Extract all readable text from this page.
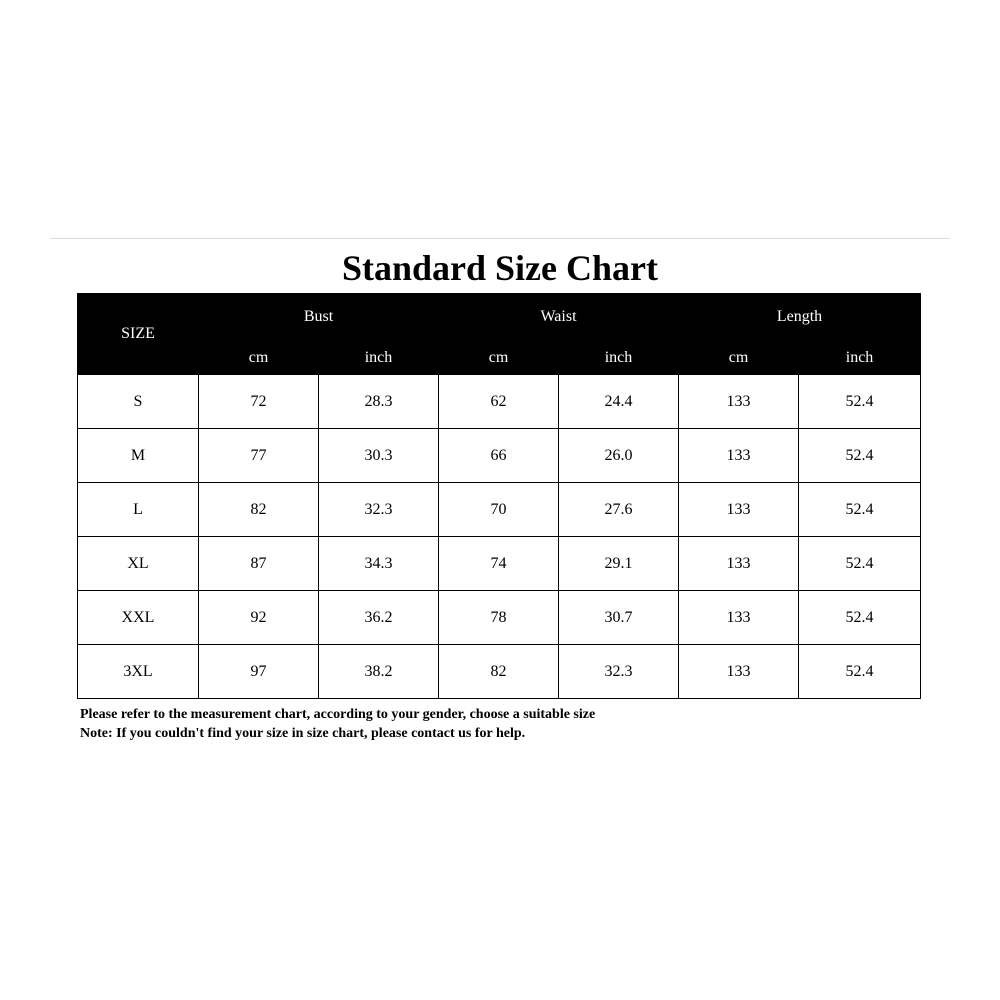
Standard Size Chart
SIZE	Bust		Waist		Length	
	cm	inch	cm	inch	cm	inch
S	72	28.3	62	24.4	133	52.4
M	77	30.3	66	26.0	133	52.4
L	82	32.3	70	27.6	133	52.4
XL	87	34.3	74	29.1	133	52.4
XXL	92	36.2	78	30.7	133	52.4
3XL	97	38.2	82	32.3	133	52.4
Please refer to the measurement chart, according to your gender, choose a suitable size
Note: If you couldn't find your size in size chart, please contact us for help.
